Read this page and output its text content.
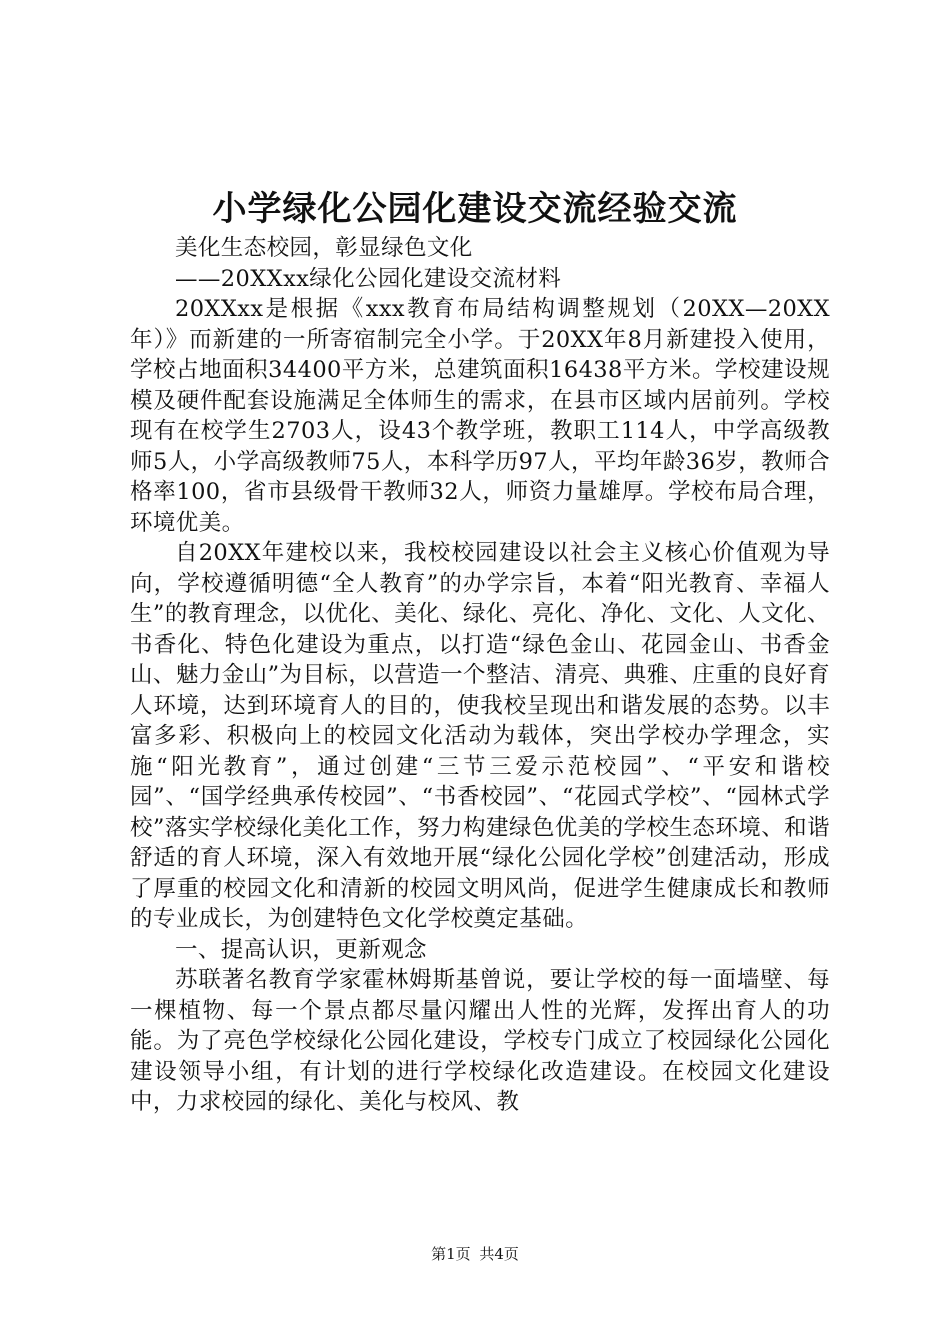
小学绿化公园化建设交流经验交流

美化生态校园，彰显绿色文化

——20XXxx绿化公园化建设交流材料

20XXxx是根据《xxx教育布局结构调整规划（20XX—20XX年）》而新建的一所寄宿制完全小学。于20XX年8月新建投入使用，学校占地面积34400平方米，总建筑面积16438平方米。学校建设规模及硬件配套设施满足全体师生的需求，在县市区域内居前列。学校现有在校学生2703人，设43个教学班，教职工114人，中学高级教师5人，小学高级教师75人，本科学历97人，平均年龄36岁，教师合格率100，省市县级骨干教师32人，师资力量雄厚。学校布局合理，环境优美。

自20XX年建校以来，我校校园建设以社会主义核心价值观为导向，学校遵循明德“全人教育”的办学宗旨，本着“阳光教育、幸福人生”的教育理念，以优化、美化、绿化、亮化、净化、文化、人文化、书香化、特色化建设为重点，以打造“绿色金山、花园金山、书香金山、魅力金山”为目标，以营造一个整洁、清亮、典雅、庄重的良好育人环境，达到环境育人的目的，使我校呈现出和谐发展的态势。以丰富多彩、积极向上的校园文化活动为载体，突出学校办学理念，实施“阳光教育”，通过创建“三节三爱示范校园”、“平安和谐校园”、“国学经典承传校园”、“书香校园”、“花园式学校”、“园林式学校”落实学校绿化美化工作，努力构建绿色优美的学校生态环境、和谐舒适的育人环境，深入有效地开展“绿化公园化学校”创建活动，形成了厚重的校园文化和清新的校园文明风尚，促进学生健康成长和教师的专业成长，为创建特色文化学校奠定基础。

一、提高认识，更新观念

苏联著名教育学家霍林姆斯基曾说，要让学校的每一面墙壁、每一棵植物、每一个景点都尽量闪耀出人性的光辉，发挥出育人的功能。为了亮色学校绿化公园化建设，学校专门成立了校园绿化公园化建设领导小组，有计划的进行学校绿化改造建设。在校园文化建设中，力求校园的绿化、美化与校风、教

第1页 共4页
